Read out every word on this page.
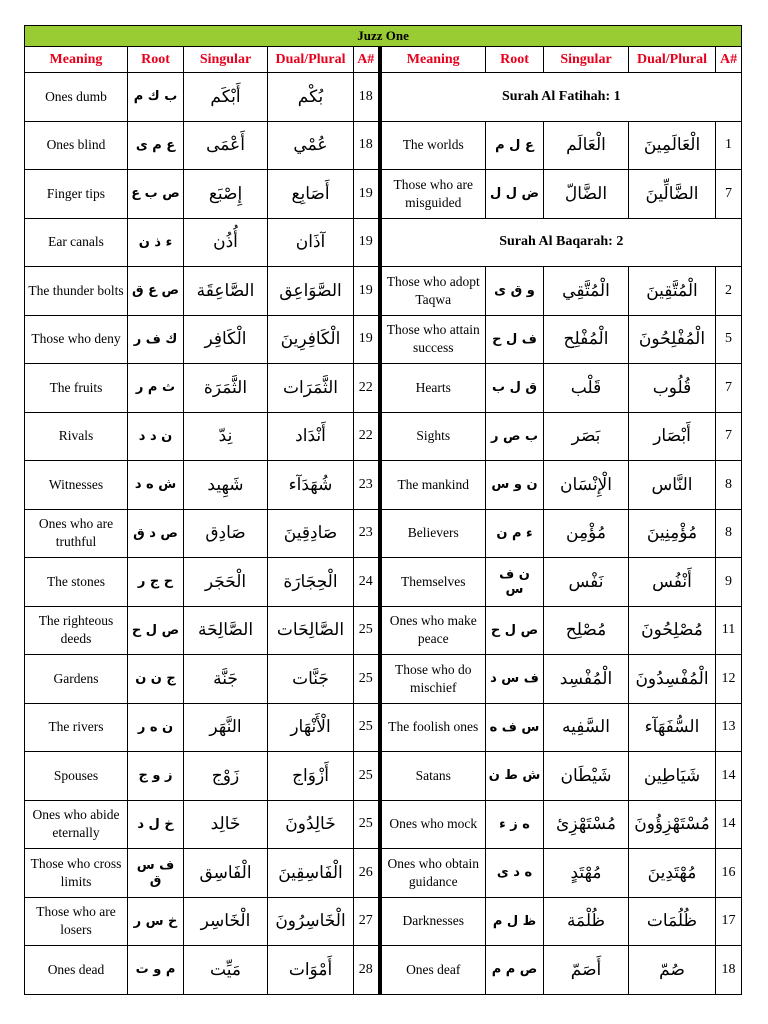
Juzz One									
Meaning	Root	Singular	Dual/Plural	A#	Meaning	Root	Singular	Dual/Plural	A#
Ones dumb	ب ك م	أَبْكَم	بُكْم	18	Surah Al Fatihah: 1				
Ones blind	ع م ی	أَعْمَى	عُمْي	18	The worlds	ع ل م	الْعَالَم	الْعَالَمِينَ	1
Finger tips	ص ب ع	إِصْبَع	أَصَابِع	19	Those who are misguided	ض ل ل	الضَّالّ	الضَّالِّينَ	7
Ear canals	ء ذ ن	أُذُن	آذَان	19	Surah Al Baqarah: 2				
The thunder bolts	ص ع ق	الصَّاعِقَة	الصَّوَاعِق	19	Those who adopt Taqwa	و ق ی	الْمُتَّقِي	الْمُتَّقِينَ	2
Those who deny	ك ف ر	الْكَافِر	الْكَافِرِينَ	19	Those who attain success	ف ل ح	الْمُفْلِح	الْمُفْلِحُونَ	5
The fruits	ث م ر	الثَّمَرَة	الثَّمَرَات	22	Hearts	ق ل ب	قَلْب	قُلُوب	7
Rivals	ن د د	نِدّ	أَنْدَاد	22	Sights	ب ص ر	بَصَر	أَبْصَار	7
Witnesses	ش ه د	شَهِيد	شُهَدَآء	23	The mankind	ن و س	الْإِنْسَان	النَّاس	8
Ones who are truthful	ص د ق	صَادِق	صَادِقِينَ	23	Believers	ء م ن	مُؤْمِن	مُؤْمِنِينَ	8
The stones	ح ج ر	الْحَجَر	الْحِجَارَة	24	Themselves	ن ف س	نَفْس	أَنْفُس	9
The righteous deeds	ص ل ح	الصَّالِحَة	الصَّالِحَات	25	Ones who make peace	ص ل ح	مُصْلِح	مُصْلِحُونَ	11
Gardens	ج ن ن	جَنَّة	جَنَّات	25	Those who do mischief	ف س د	الْمُفْسِد	الْمُفْسِدُونَ	12
The rivers	ن ه ر	النَّهَر	الْأَنْهَار	25	The foolish ones	س ف ه	السَّفِيه	السُّفَهَآء	13
Spouses	ز و ج	زَوْج	أَزْوَاج	25	Satans	ش ط ن	شَيْطَان	شَيَاطِين	14
Ones who abide eternally	خ ل د	خَالِد	خَالِدُونَ	25	Ones who mock	ه ز ء	مُسْتَهْزِئ	مُسْتَهْزِؤُونَ	14
Those who cross limits	ف س ق	الْفَاسِق	الْفَاسِقِينَ	26	Ones who obtain guidance	ه د ی	مُهْتَدٍ	مُهْتَدِينَ	16
Those who are losers	خ س ر	الْخَاسِر	الْخَاسِرُونَ	27	Darknesses	ظ ل م	ظُلْمَة	ظُلُمَات	17
Ones dead	م و ت	مَيِّت	أَمْوَات	28	Ones deaf	ص م م	أَصَمّ	صُمّ	18
